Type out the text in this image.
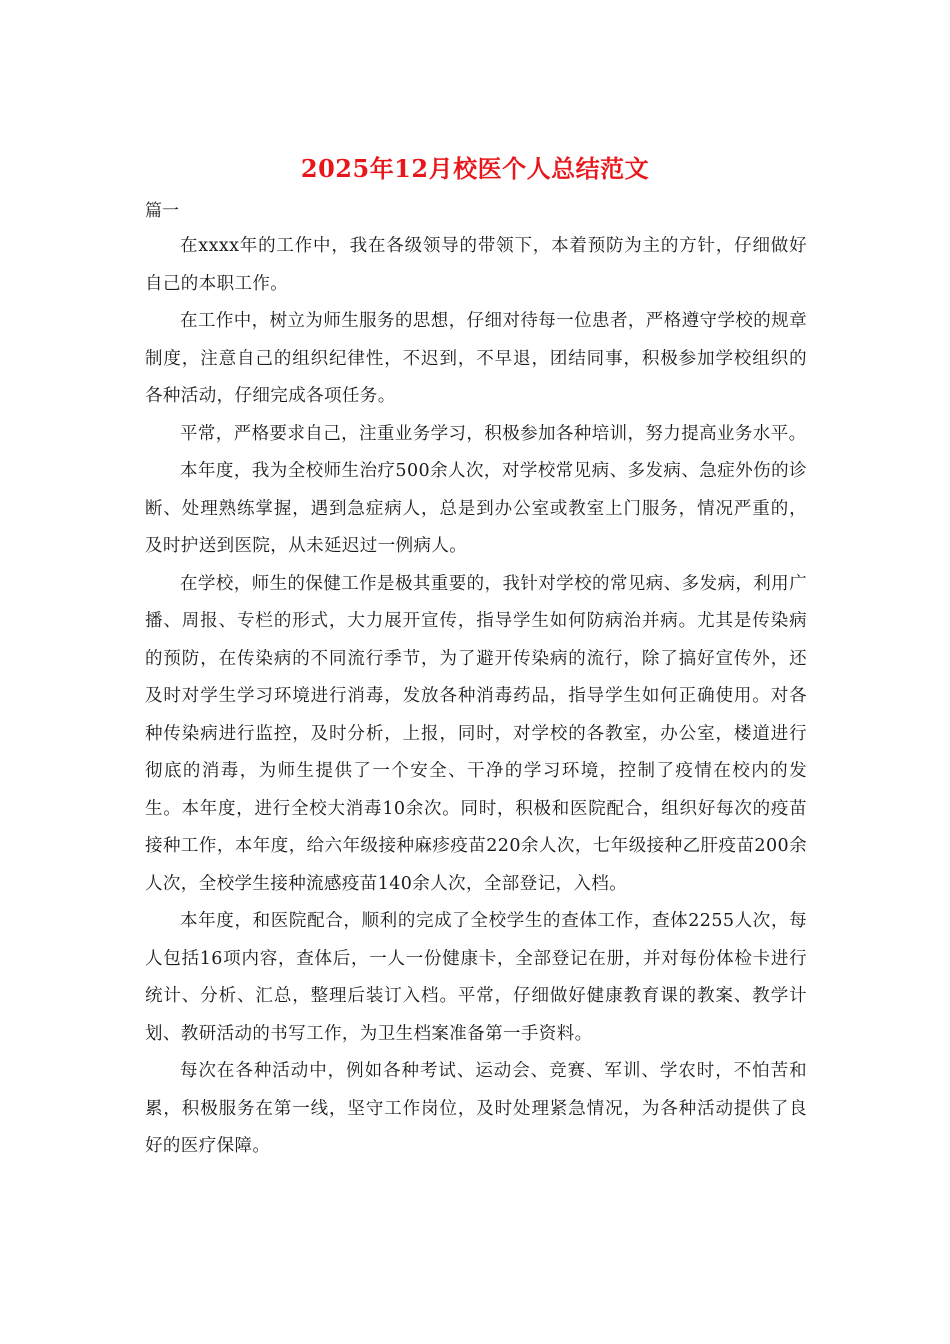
2025年12月校医个人总结范文
篇一

在xxxx年的工作中，我在各级领导的带领下，本着预防为主的方针，仔细做好自己的本职工作。

在工作中，树立为师生服务的思想，仔细对待每一位患者，严格遵守学校的规章制度，注意自己的组织纪律性，不迟到，不早退，团结同事，积极参加学校组织的各种活动，仔细完成各项任务。

平常，严格要求自己，注重业务学习，积极参加各种培训，努力提高业务水平。

本年度，我为全校师生治疗500余人次，对学校常见病、多发病、急症外伤的诊断、处理熟练掌握，遇到急症病人，总是到办公室或教室上门服务，情况严重的，及时护送到医院，从未延迟过一例病人。

在学校，师生的保健工作是极其重要的，我针对学校的常见病、多发病，利用广播、周报、专栏的形式，大力展开宣传，指导学生如何防病治并病。尤其是传染病的预防，在传染病的不同流行季节，为了避开传染病的流行，除了搞好宣传外，还及时对学生学习环境进行消毒，发放各种消毒药品，指导学生如何正确使用。对各种传染病进行监控，及时分析，上报，同时，对学校的各教室，办公室，楼道进行彻底的消毒，为师生提供了一个安全、干净的学习环境，控制了疫情在校内的发生。本年度，进行全校大消毒10余次。同时，积极和医院配合，组织好每次的疫苗接种工作，本年度，给六年级接种麻疹疫苗220余人次，七年级接种乙肝疫苗200余人次，全校学生接种流感疫苗140余人次，全部登记，入档。

本年度，和医院配合，顺利的完成了全校学生的查体工作，查体2255人次，每人包括16项内容，查体后，一人一份健康卡，全部登记在册，并对每份体检卡进行统计、分析、汇总，整理后装订入档。平常，仔细做好健康教育课的教案、教学计划、教研活动的书写工作，为卫生档案准备第一手资料。

每次在各种活动中，例如各种考试、运动会、竞赛、军训、学农时，不怕苦和累，积极服务在第一线，坚守工作岗位，及时处理紧急情况，为各种活动提供了良好的医疗保障。
